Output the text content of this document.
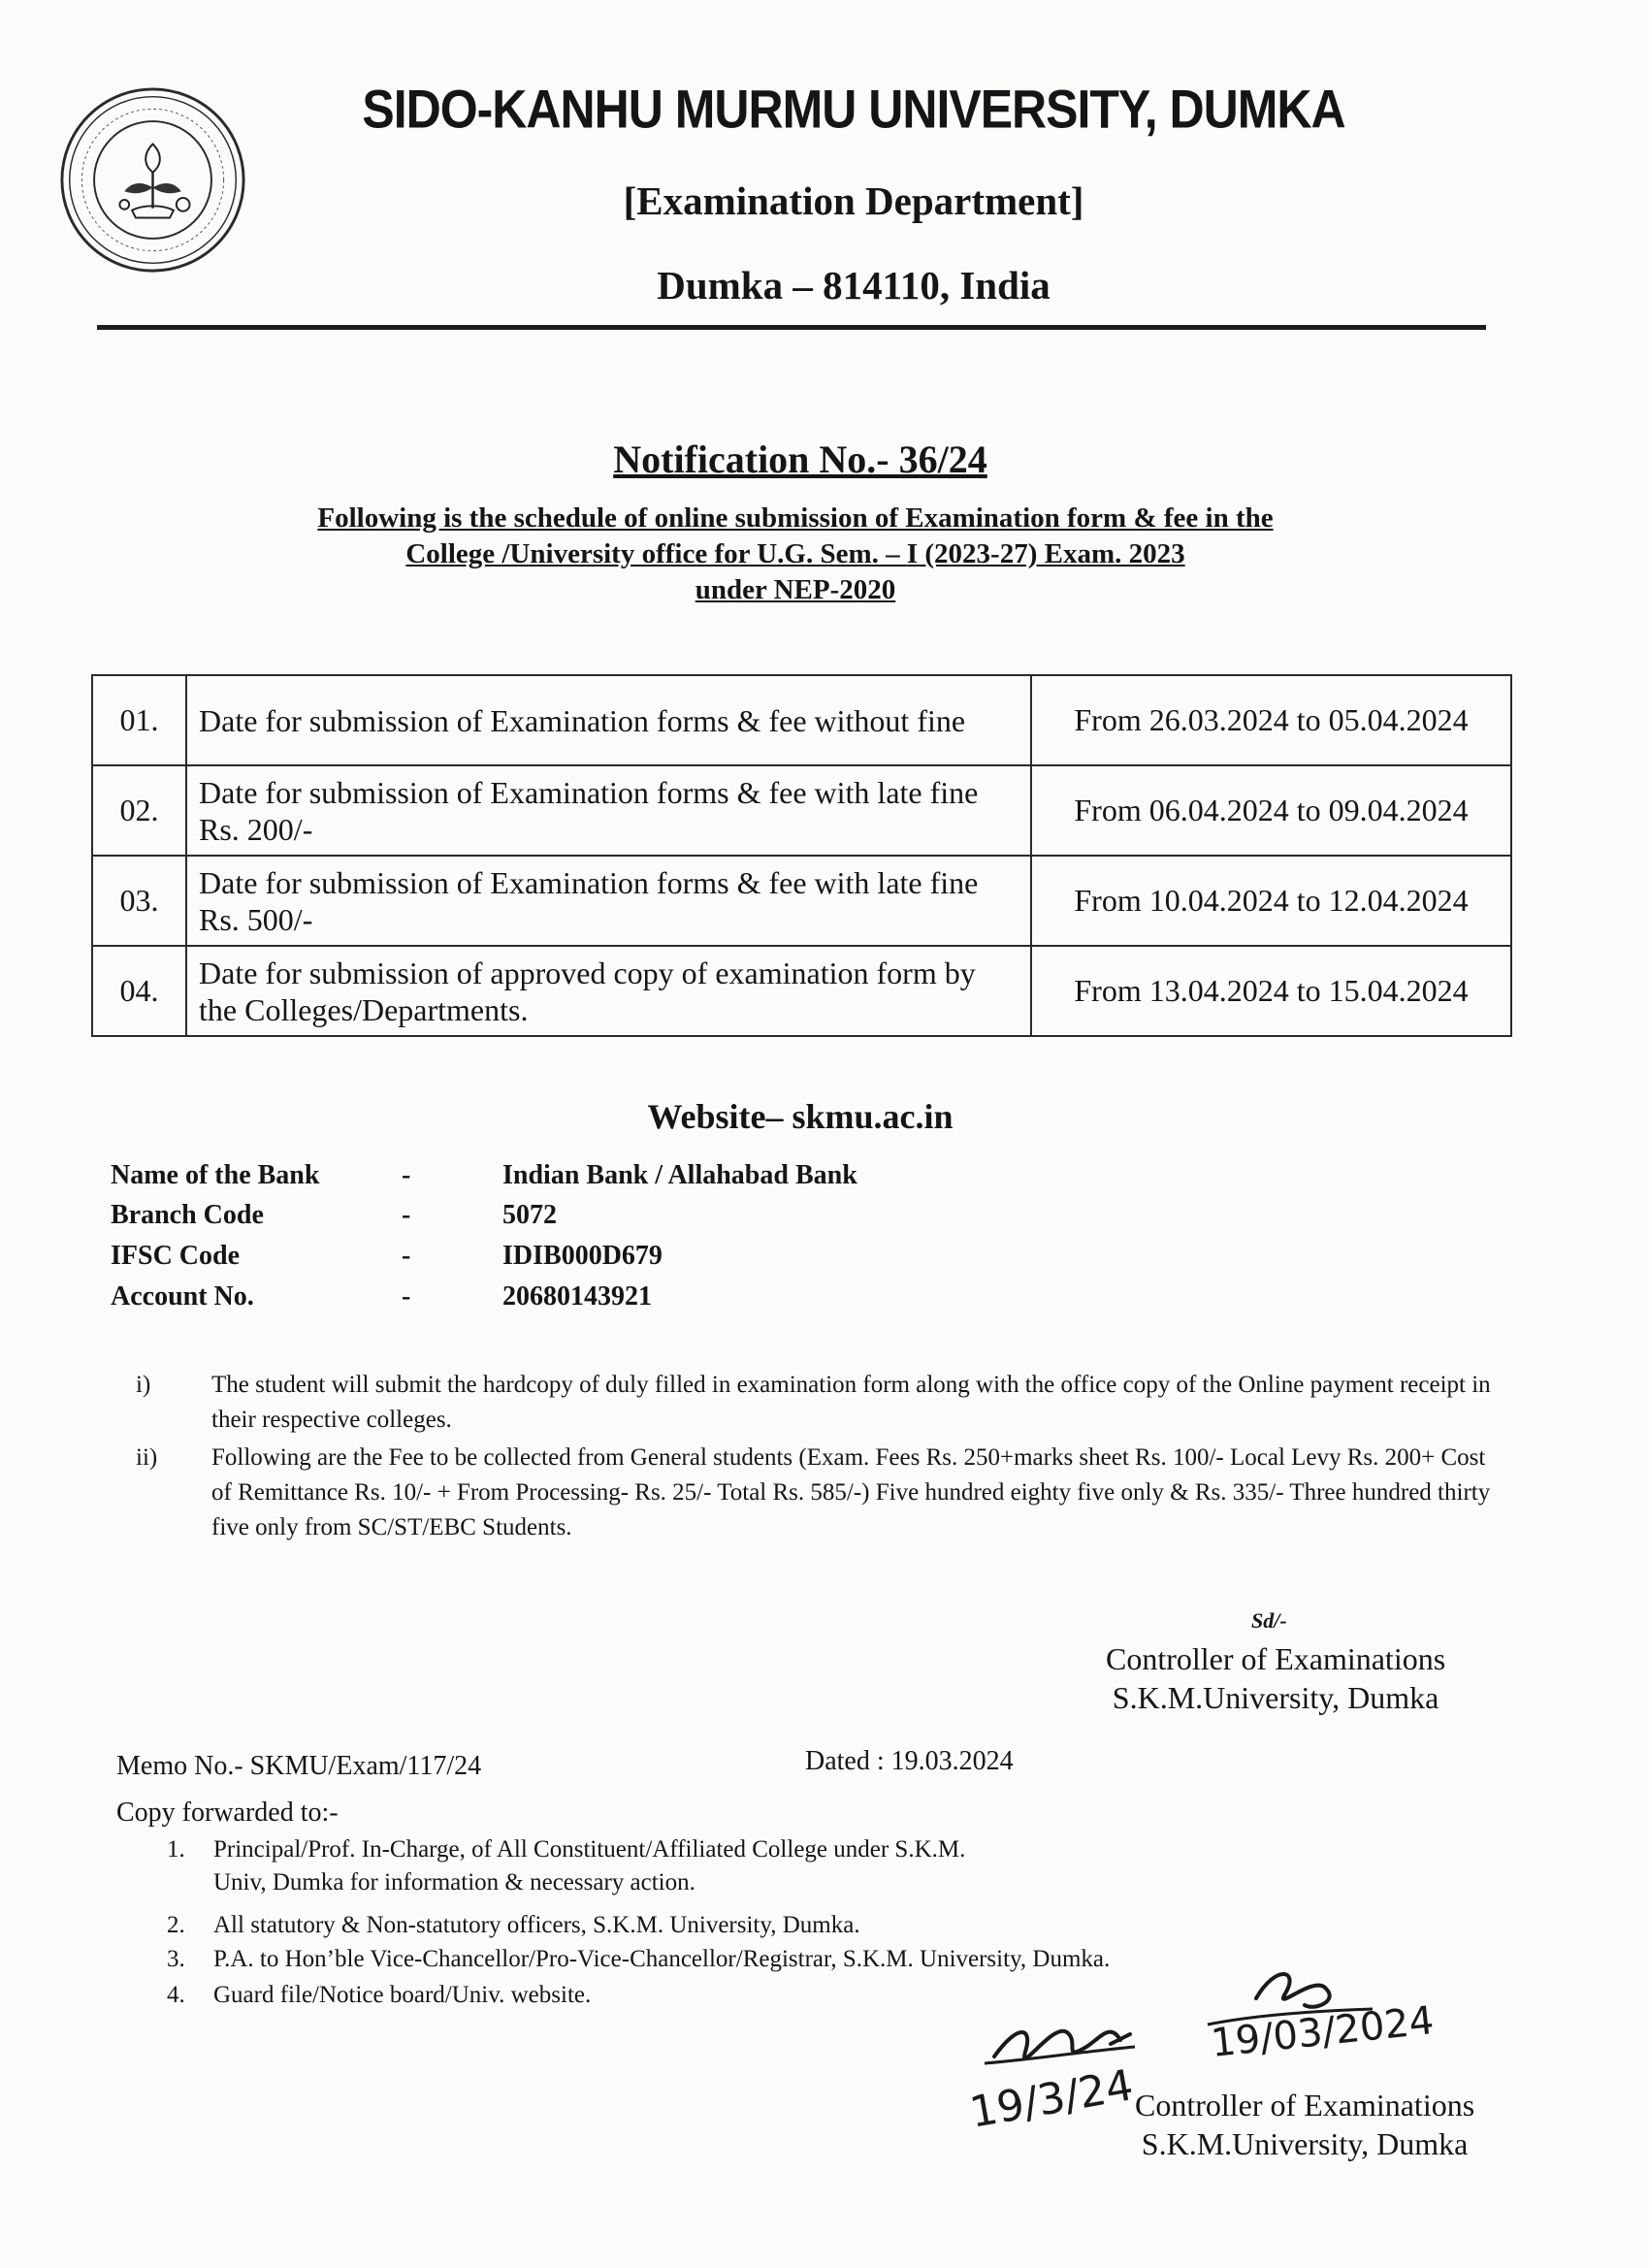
SIDO-KANHU MURMU UNIVERSITY, DUMKA
[Examination Department]
Dumka – 814110, India
Notification No.- 36/24
Following is the schedule of online submission of Examination form & fee in the
College /University office for U.G. Sem. – I (2023-27) Exam. 2023
under NEP-2020
01.	Date for submission of Examination forms & fee without fine	From 26.03.2024 to 05.04.2024
02.	Date for submission of Examination forms & fee with late fine Rs. 200/-	From 06.04.2024 to 09.04.2024
03.	Date for submission of Examination forms & fee with late fine Rs. 500/-	From 10.04.2024 to 12.04.2024
04.	Date for submission of approved copy of examination form by the Colleges/Departments.	From 13.04.2024 to 15.04.2024
Website– skmu.ac.in
Name of the Bank	-	Indian Bank / Allahabad Bank
Branch Code	-	5072
IFSC Code	-	IDIB000D679
Account No.	-	20680143921
i)	The student will submit the hardcopy of duly filled in examination form along with the office copy of the Online payment receipt in their respective colleges.
ii) Following are the Fee to be collected from General students (Exam. Fees Rs. 250+marks sheet Rs. 100/- Local Levy Rs. 200+ Cost of Remittance Rs. 10/- + From Processing- Rs. 25/- Total Rs. 585/-) Five hundred eighty five only & Rs. 335/- Three hundred thirty five only from SC/ST/EBC Students.
Sd/-
Controller of Examinations
S.K.M.University, Dumka
Memo No.- SKMU/Exam/117/24	Dated : 19.03.2024
Copy forwarded to:-
1. Principal/Prof. In-Charge, of All Constituent/Affiliated College under S.K.M. Univ, Dumka for information & necessary action.
2. All statutory & Non-statutory officers, S.K.M. University, Dumka.
3. P.A. to Hon’ble Vice-Chancellor/Pro-Vice-Chancellor/Registrar, S.K.M. University, Dumka.
4. Guard file/Notice board/Univ. website.
19/3/24
19/03/2024
Controller of Examinations
S.K.M.University, Dumka
